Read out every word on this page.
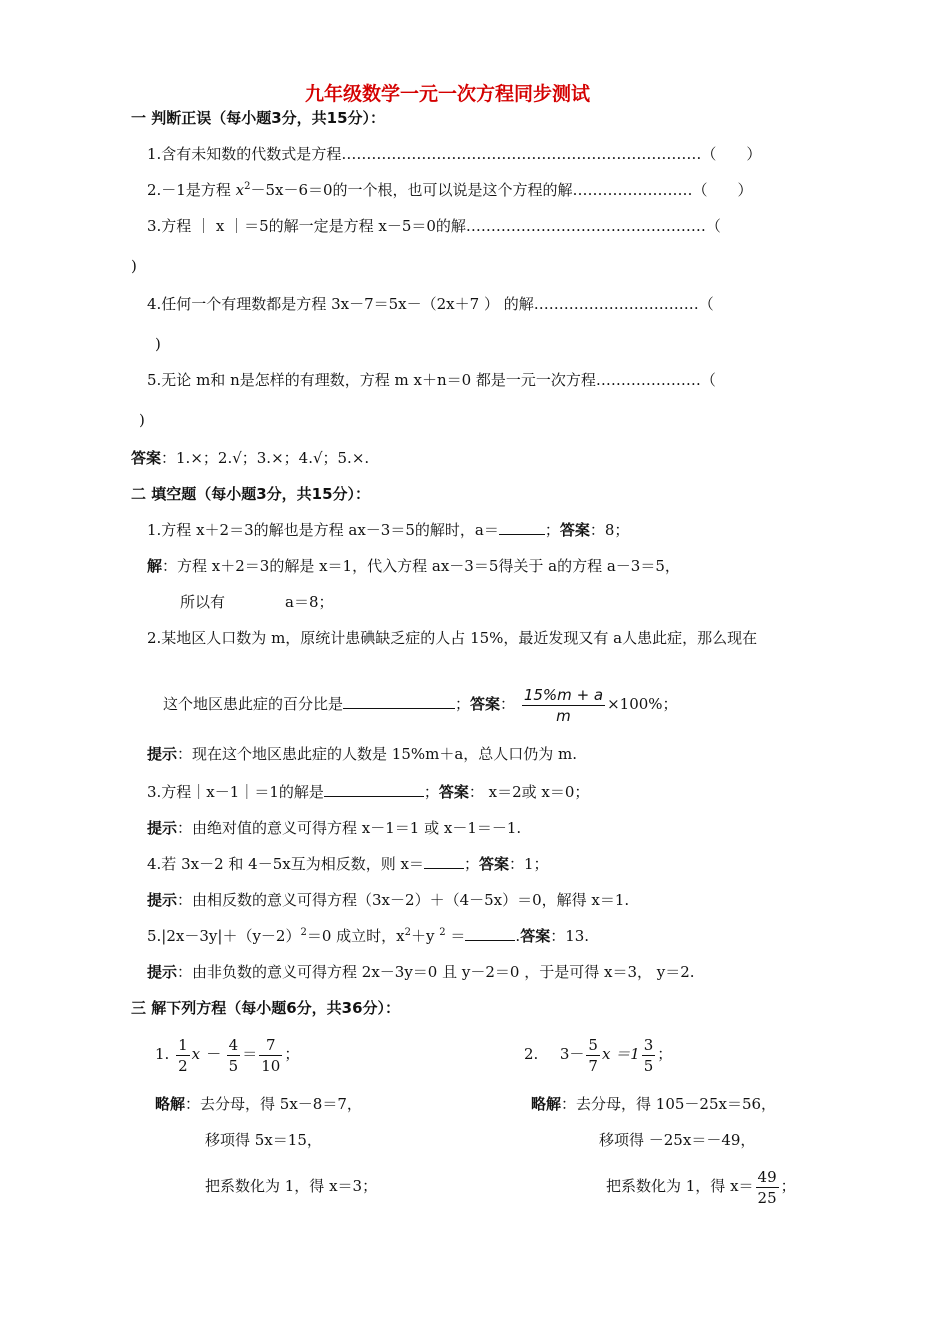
九年级数学一元一次方程同步测试
一 判断正误（每小题3分，共15分）：
1.含有未知数的代数式是方程………………………………………………………………（　　）
2.－1是方程 $x^2-5x-6=0$的一个根，也可以说是这个方程的解……………………（　　）
3.方程 ｜ x ｜＝5的解一定是方程 x－5＝0的解…………………………………………（
)
4.任何一个有理数都是方程 3x－7＝5x－（2x＋7 ） 的解……………………………（
)
5.无论 m和 n是怎样的有理数，方程 m x＋n＝0 都是一元一次方程…………………（
)
答案：1.×；2.√；3.×；4.√；5.×.
二 填空题（每小题3分，共15分）：
1.方程 x＋2＝3的解也是方程 ax－3＝5的解时，a＝	；答案：8；
解：方程 x＋2＝3的解是 x＝1，代入方程 ax－3＝5得关于 a的方程 a－3＝5，
所以有	a＝8；
2.某地区人口数为 m，原统计患碘缺乏症的人占 15%，最近发现又有 a人患此症，那么现在
这个地区患此症的百分比是	；答案： $\frac{15\%m + a}{m} \times 100\%$；
提示：现在这个地区患此症的人数是 15%m＋a，总人口仍为 m.
3.方程｜x－1｜＝1的解是	；答案： x＝2或 x＝0；
提示：由绝对值的意义可得方程 x－1＝1 或 x－1＝－1.
4.若 3x－2 和 4－5x互为相反数，则 x＝	；答案：1；
提示：由相反数的意义可得方程（3x－2）＋（4－5x）＝0，解得 x＝1.
$5.|2x-3y|+(y-2)^2=0$ 成立时，$x^2+y$ $^2$ ＝	.答案：13.
提示：由非负数的意义可得方程 2x－3y＝0 且 y－2＝0 ，于是可得 x＝3， y＝2.
三 解下列方程（每小题6分，共36分）：
1. $\frac{1}{2}$ $x - \frac{4}{5} = \frac{7}{10}$ ；	2. $3- \frac{5}{7}$ $x =1 \frac{3}{5}$ ；
略解：去分母，得 5x－8＝7，
移项得 5x＝15，
把系数化为 1，得 x＝3；
略解：去分母，得 105－25x＝56，
移项得 －25x＝－49，
把系数化为 1，得 $x= \frac{49}{25}$ ；
